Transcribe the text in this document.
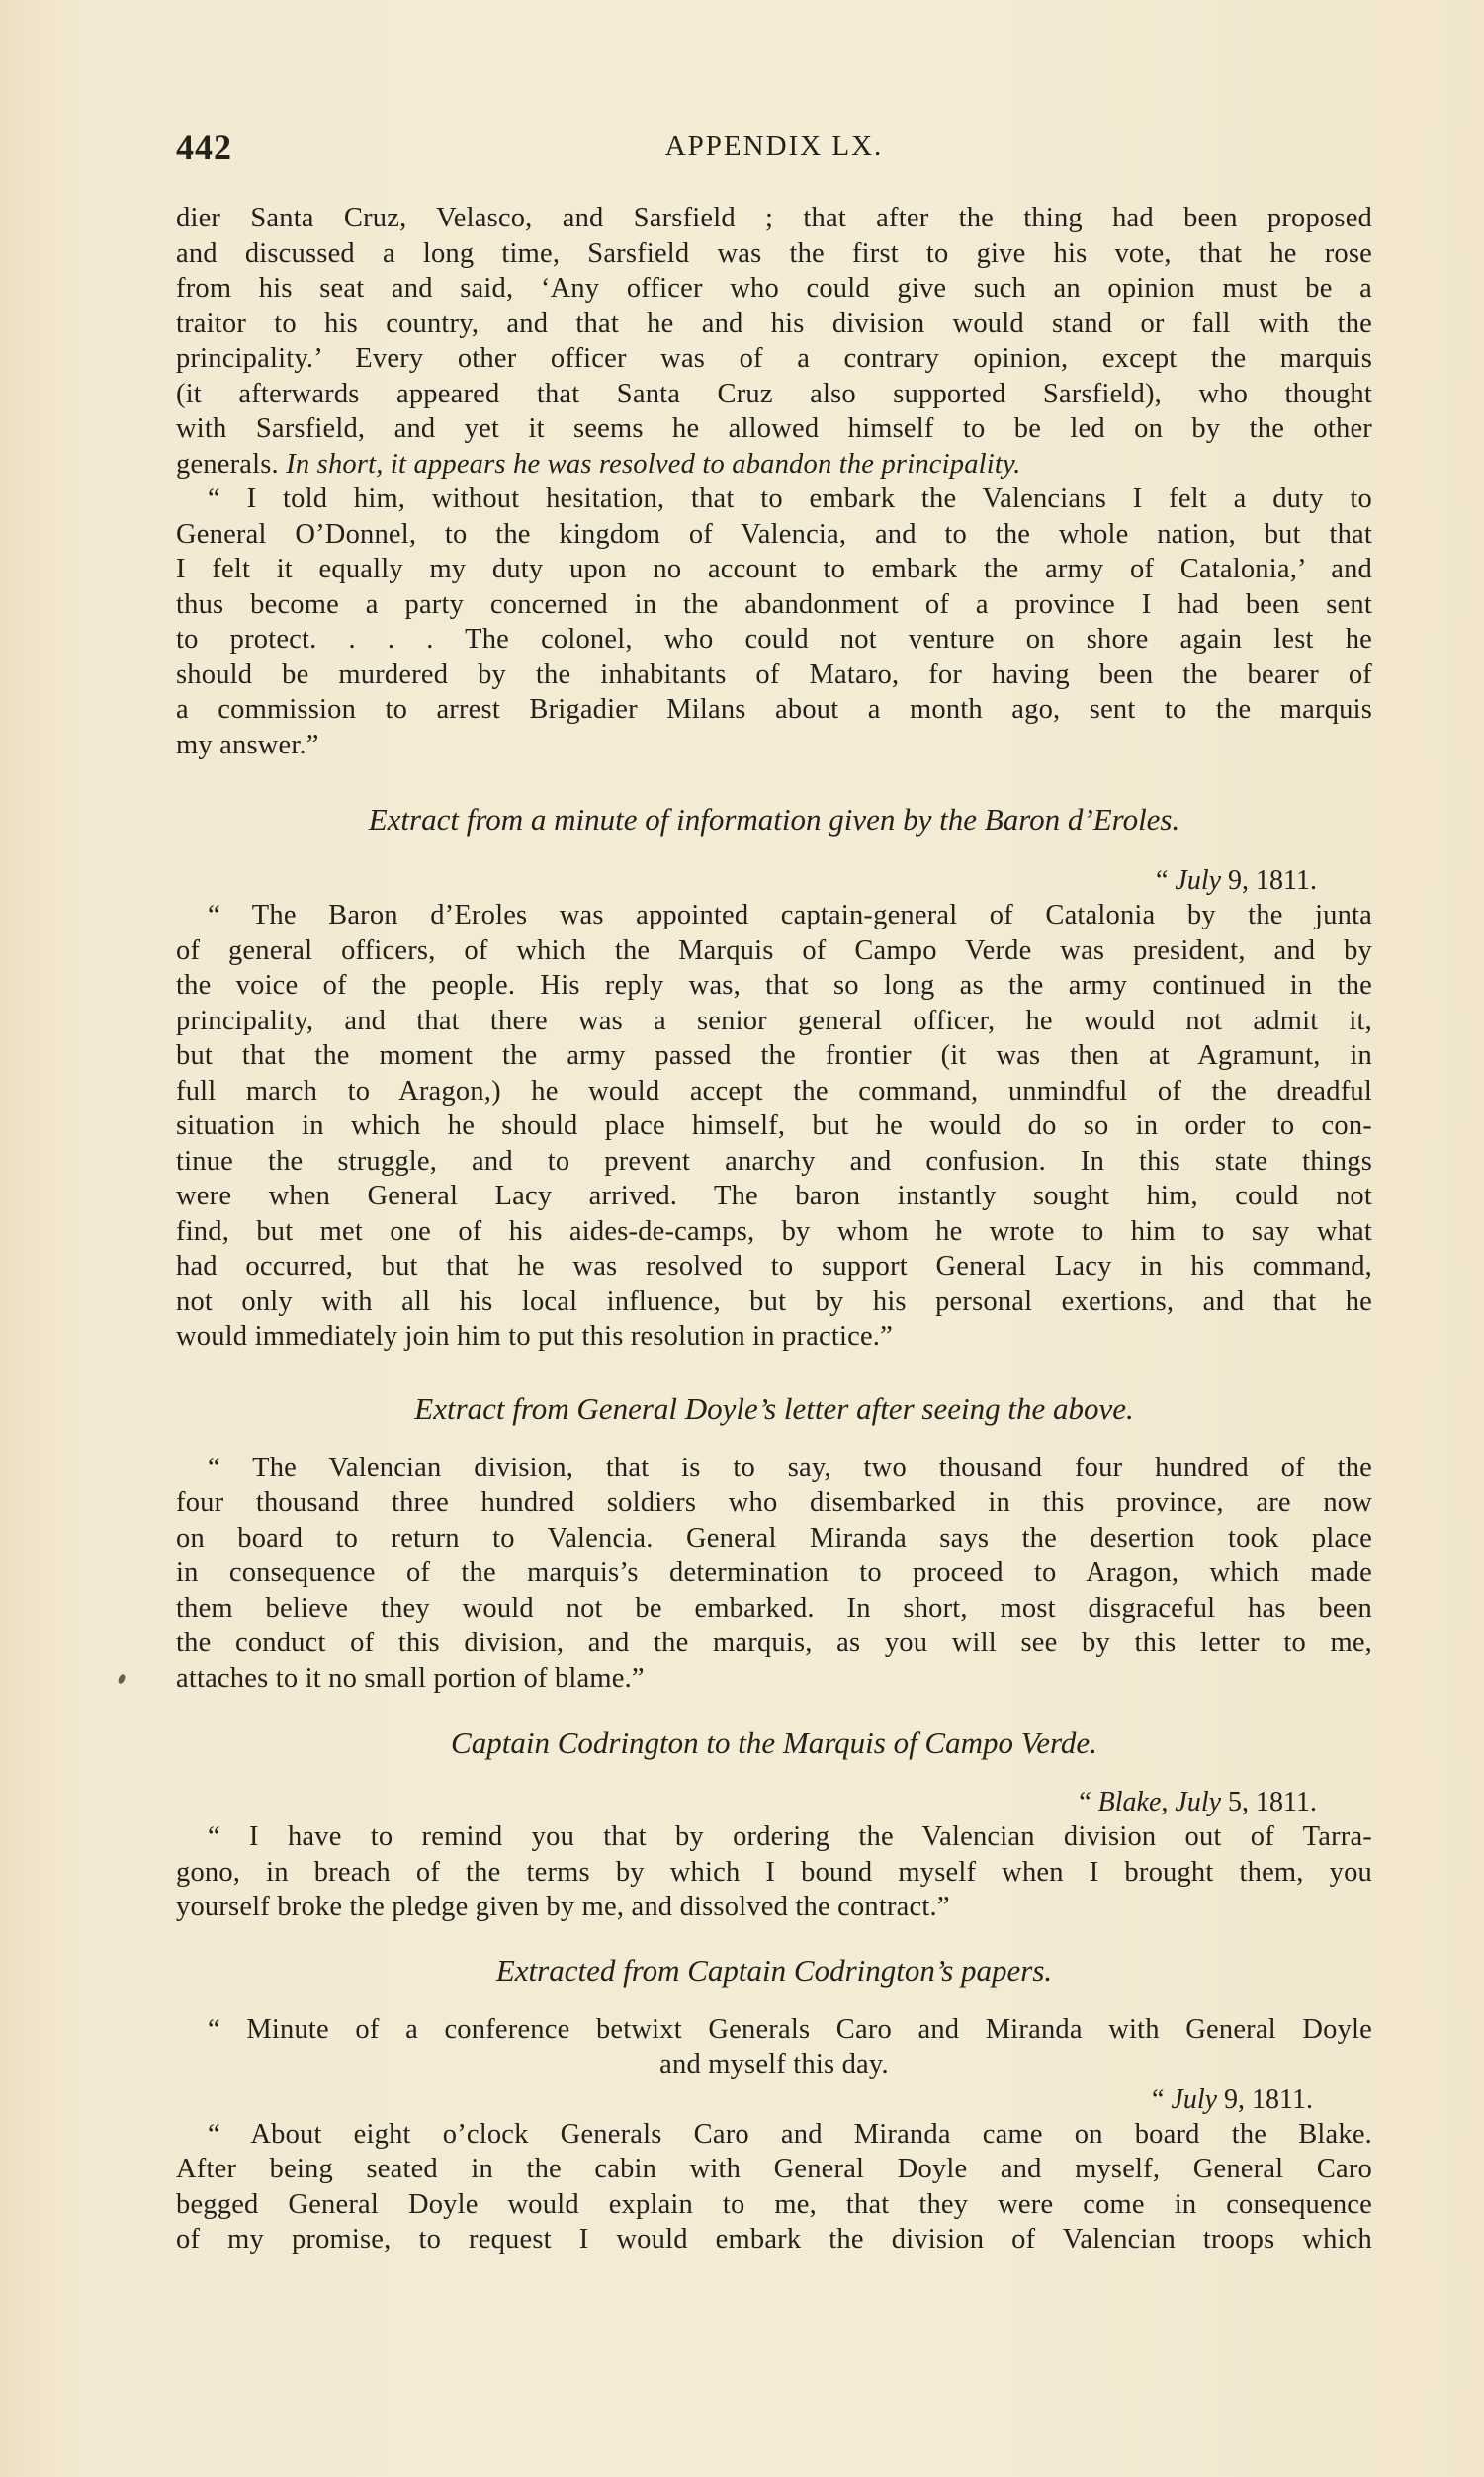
442	APPENDIX LX.
dier Santa Cruz, Velasco, and Sarsfield ; that after the thing had been proposed
and discussed a long time, Sarsfield was the first to give his vote, that he rose
from his seat and said, ‘Any officer who could give such an opinion must be a
traitor to his country, and that he and his division would stand or fall with the
principality.’ Every other officer was of a contrary opinion, except the marquis
(it afterwards appeared that Santa Cruz also supported Sarsfield), who thought
with Sarsfield, and yet it seems he allowed himself to be led on by the other
generals. In short, it appears he was resolved to abandon the principality.
“ I told him, without hesitation, that to embark the Valencians I felt a duty to
General O’Donnel, to the kingdom of Valencia, and to the whole nation, but that
I felt it equally my duty upon no account to embark the army of Catalonia,’ and
thus become a party concerned in the abandonment of a province I had been sent
to protect. . . . The colonel, who could not venture on shore again lest he
should be murdered by the inhabitants of Mataro, for having been the bearer of
a commission to arrest Brigadier Milans about a month ago, sent to the marquis
my answer.”
Extract from a minute of information given by the Baron d’Eroles.
“ July 9, 1811.
“ The Baron d’Eroles was appointed captain-general of Catalonia by the junta
of general officers, of which the Marquis of Campo Verde was president, and by
the voice of the people. His reply was, that so long as the army continued in the
principality, and that there was a senior general officer, he would not admit it,
but that the moment the army passed the frontier (it was then at Agramunt, in
full march to Aragon,) he would accept the command, unmindful of the dreadful
situation in which he should place himself, but he would do so in order to con-
tinue the struggle, and to prevent anarchy and confusion. In this state things
were when General Lacy arrived. The baron instantly sought him, could not
find, but met one of his aides-de-camps, by whom he wrote to him to say what
had occurred, but that he was resolved to support General Lacy in his command,
not only with all his local influence, but by his personal exertions, and that he
would immediately join him to put this resolution in practice.”
Extract from General Doyle’s letter after seeing the above.
“ The Valencian division, that is to say, two thousand four hundred of the
four thousand three hundred soldiers who disembarked in this province, are now
on board to return to Valencia. General Miranda says the desertion took place
in consequence of the marquis’s determination to proceed to Aragon, which made
them believe they would not be embarked. In short, most disgraceful has been
the conduct of this division, and the marquis, as you will see by this letter to me,
attaches to it no small portion of blame.”
Captain Codrington to the Marquis of Campo Verde.
“ Blake, July 5, 1811.
“ I have to remind you that by ordering the Valencian division out of Tarra-
gono, in breach of the terms by which I bound myself when I brought them, you
yourself broke the pledge given by me, and dissolved the contract.”
Extracted from Captain Codrington’s papers.
“ Minute of a conference betwixt Generals Caro and Miranda with General Doyle
and myself this day.
“ July 9, 1811.
“ About eight o’clock Generals Caro and Miranda came on board the Blake.
After being seated in the cabin with General Doyle and myself, General Caro
begged General Doyle would explain to me, that they were come in consequence
of my promise, to request I would embark the division of Valencian troops which
